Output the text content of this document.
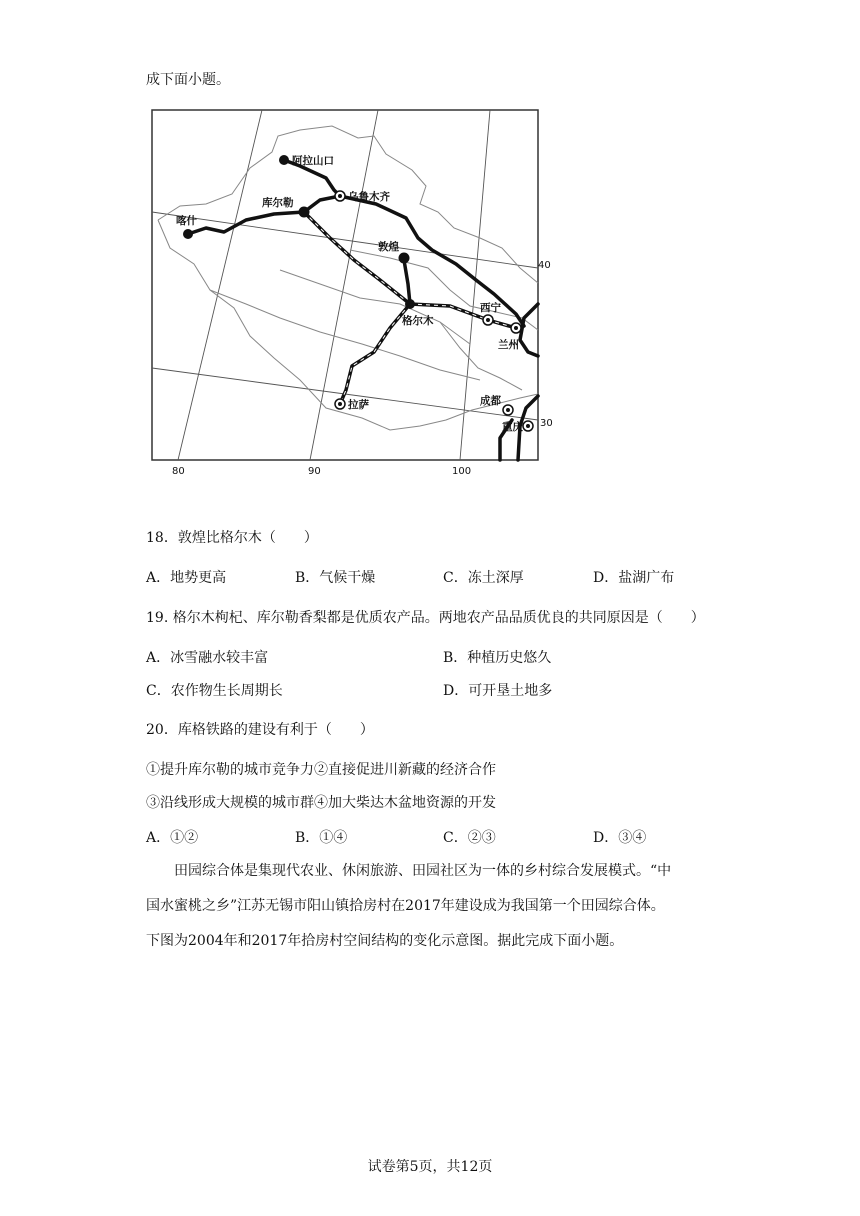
成下面小题。
阿拉山口
乌鲁木齐
库尔勒
喀什
敦煌
西宁
格尔木
兰州
拉萨	成都
重庆
80	90	100
40
30
18．敦煌比格尔木（　　）
A．地势更高	B．气候干燥	C．冻土深厚	D．盐湖广布
19. 格尔木枸杞、库尔勒香梨都是优质农产品。两地农产品品质优良的共同原因是（　　）
A．冰雪融水较丰富	B．种植历史悠久
C．农作物生长周期长	D．可开垦土地多
20．库格铁路的建设有利于（　　）
①提升库尔勒的城市竞争力②直接促进川新藏的经济合作
③沿线形成大规模的城市群④加大柴达木盆地资源的开发
A．①②	B．①④	C．②③	D．③④
田园综合体是集现代农业、休闲旅游、田园社区为一体的乡村综合发展模式。“中
国水蜜桃之乡”江苏无锡市阳山镇拾房村在2017年建设成为我国第一个田园综合体。
下图为2004年和2017年拾房村空间结构的变化示意图。据此完成下面小题。
试卷第5页，共12页
